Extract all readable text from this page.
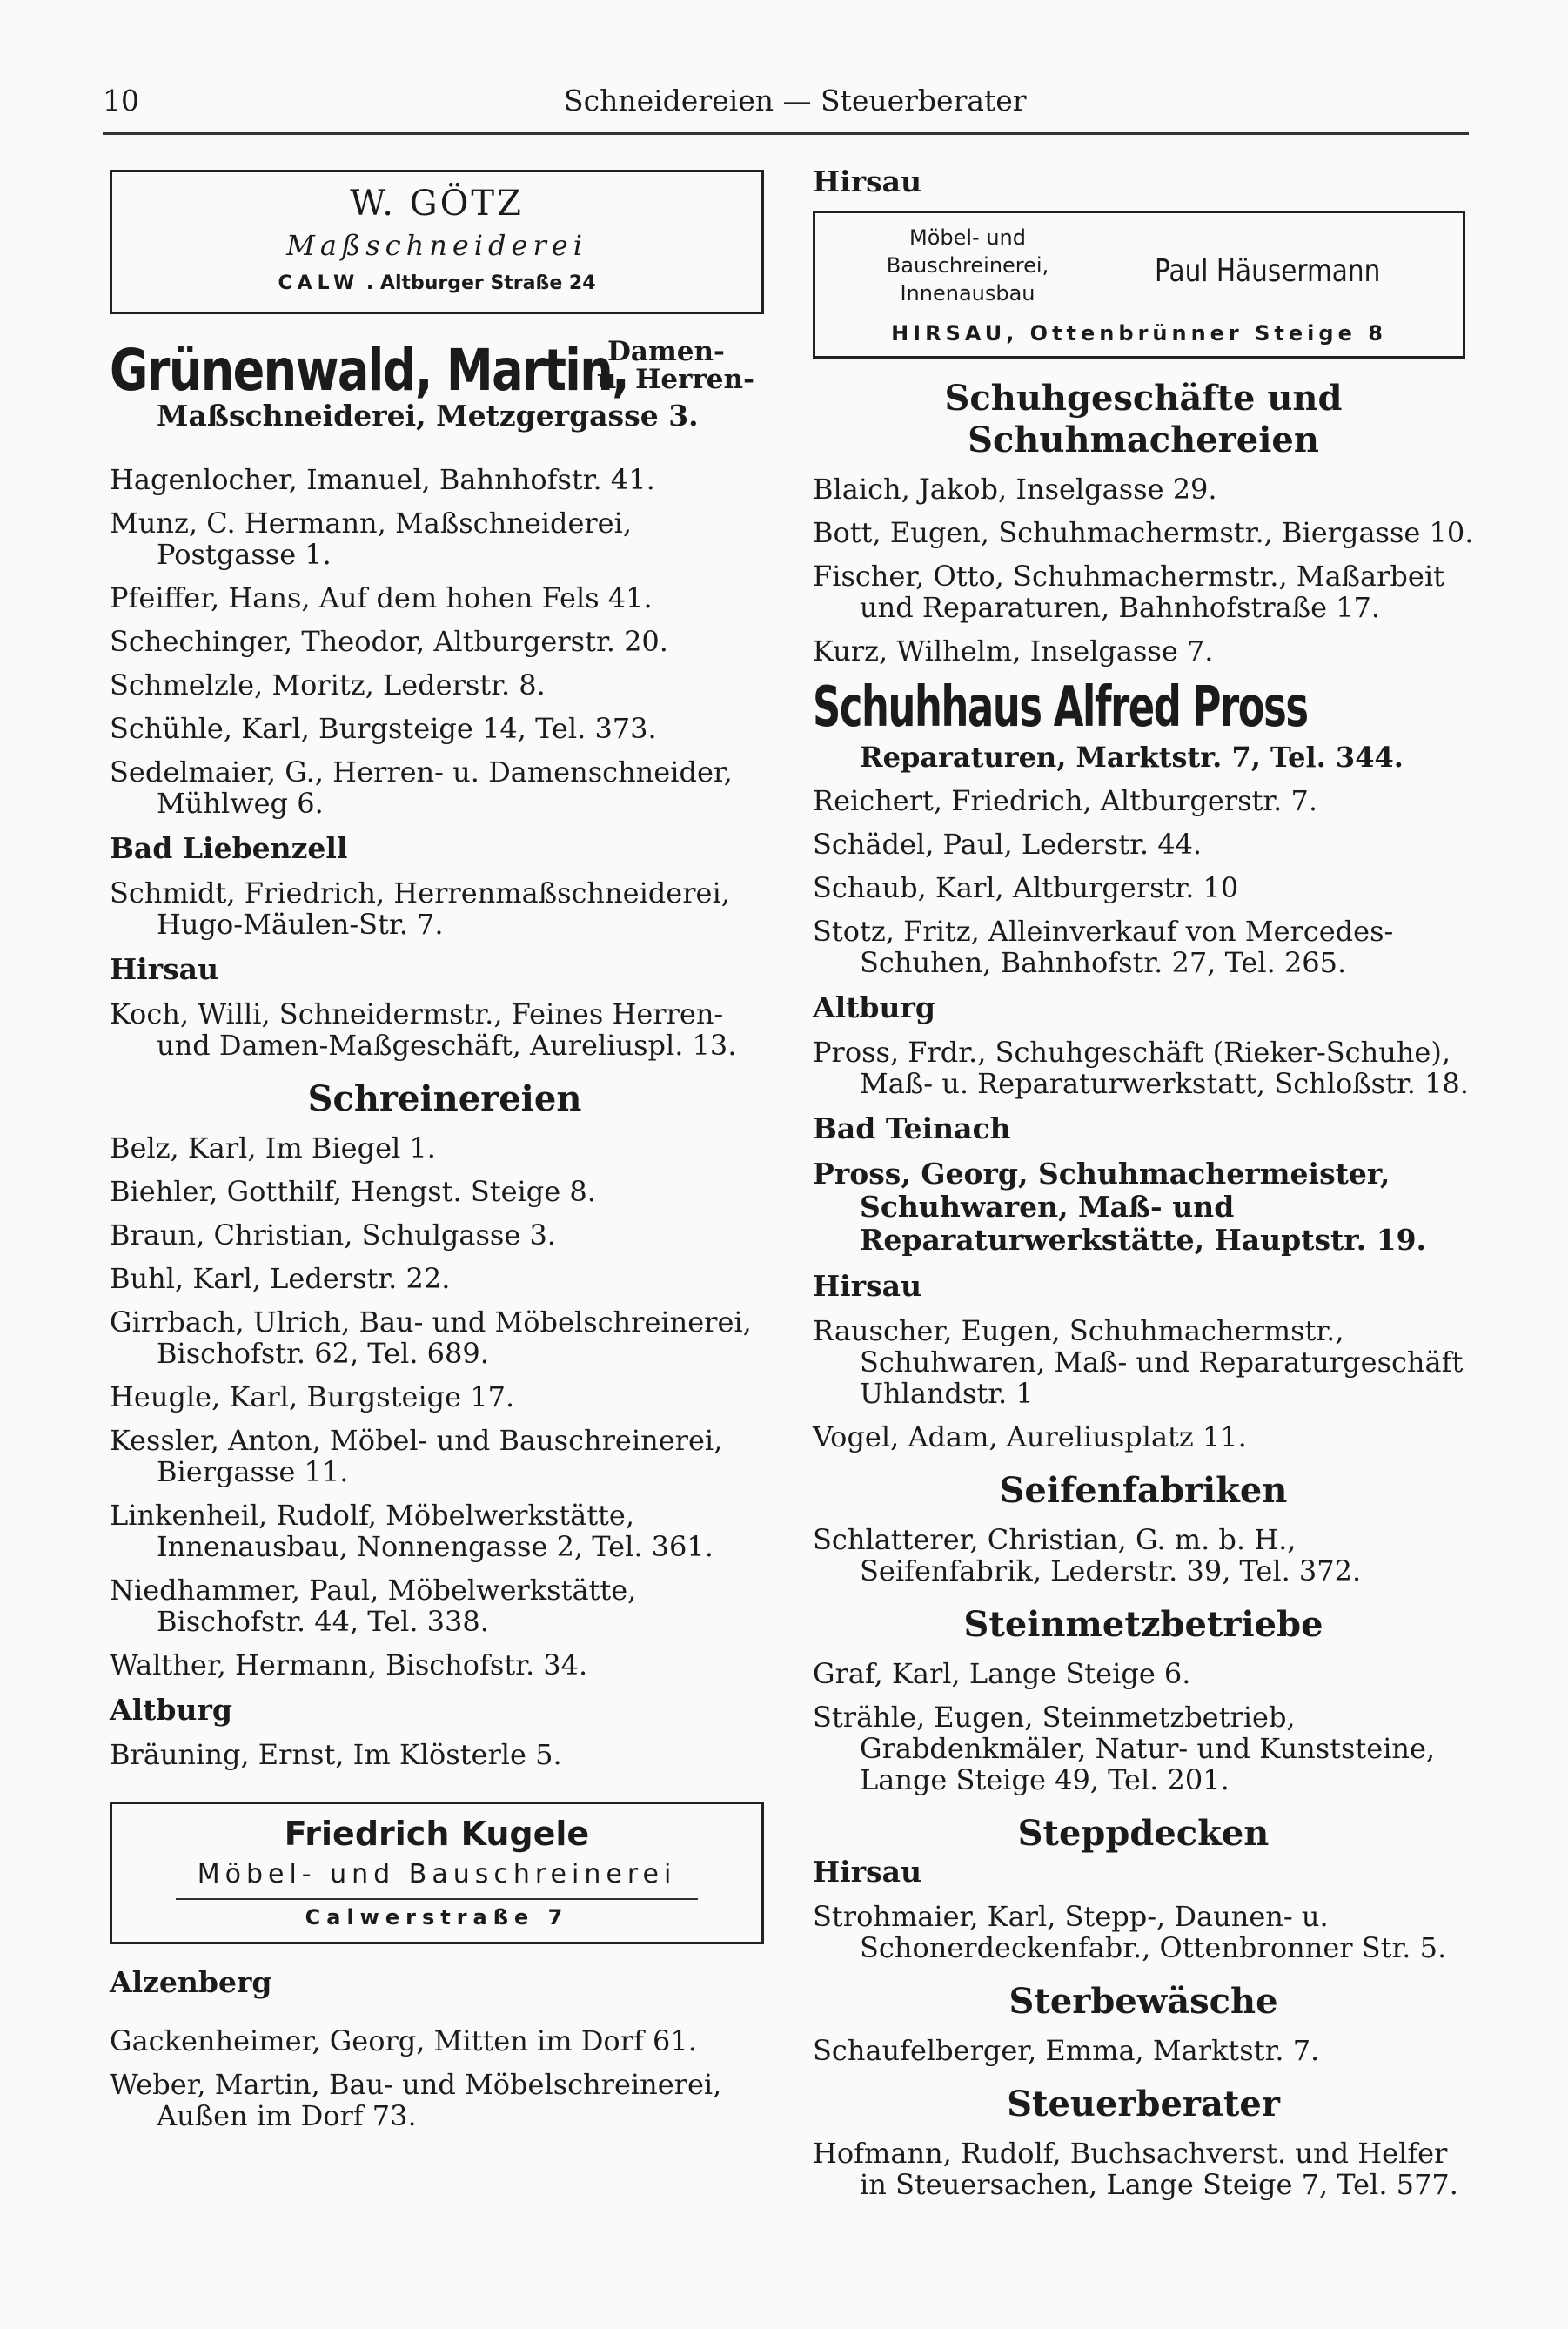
10	Schneidereien — Steuerberater
W. GÖTZ
Maßschneiderei
CALW . Altburger Straße 24
Grünenwald, Martin,
Damen-
u. Herren-
Maßschneiderei, Metzgergasse 3.
Hagenlocher, Imanuel, Bahnhofstr. 41.
Munz, C. Hermann, Maßschneiderei, Postgasse 1.
Pfeiffer, Hans, Auf dem hohen Fels 41.
Schechinger, Theodor, Altburgerstr. 20.
Schmelzle, Moritz, Lederstr. 8.
Schühle, Karl, Burgsteige 14, Tel. 373.
Sedelmaier, G., Herren- u. Damenschneider, Mühlweg 6.
Bad Liebenzell
Schmidt, Friedrich, Herrenmaßschneiderei, Hugo-Mäulen-Str. 7.
Hirsau
Koch, Willi, Schneidermstr., Feines Herren- und Damen-Maßgeschäft, Aureliuspl. 13.
Schreinereien
Belz, Karl, Im Biegel 1.
Biehler, Gotthilf, Hengst. Steige 8.
Braun, Christian, Schulgasse 3.
Buhl, Karl, Lederstr. 22.
Girrbach, Ulrich, Bau- und Möbelschreinerei, Bischofstr. 62, Tel. 689.
Heugle, Karl, Burgsteige 17.
Kessler, Anton, Möbel- und Bauschreinerei, Biergasse 11.
Linkenheil, Rudolf, Möbelwerkstätte, Innenausbau, Nonnengasse 2, Tel. 361.
Niedhammer, Paul, Möbelwerkstätte, Bischofstr. 44, Tel. 338.
Walther, Hermann, Bischofstr. 34.
Altburg
Bräuning, Ernst, Im Klösterle 5.
Friedrich Kugele
Möbel- und Bauschreinerei
Calwerstraße 7
Alzenberg
Gackenheimer, Georg, Mitten im Dorf 61.
Weber, Martin, Bau- und Möbelschreinerei, Außen im Dorf 73.
Hirsau
Möbel- und
Bauschreinerei,
Innenausbau
Paul Häusermann
HIRSAU, Ottenbrünner Steige 8
Schuhgeschäfte und Schuhmachereien
Blaich, Jakob, Inselgasse 29.
Bott, Eugen, Schuhmachermstr., Biergasse 10.
Fischer, Otto, Schuhmachermstr., Maßarbeit und Reparaturen, Bahnhofstraße 17.
Kurz, Wilhelm, Inselgasse 7.
Schuhhaus Alfred Pross
Reparaturen, Marktstr. 7, Tel. 344.
Reichert, Friedrich, Altburgerstr. 7.
Schädel, Paul, Lederstr. 44.
Schaub, Karl, Altburgerstr. 10
Stotz, Fritz, Alleinverkauf von Mercedes-Schuhen, Bahnhofstr. 27, Tel. 265.
Altburg
Pross, Frdr., Schuhgeschäft (Rieker-Schuhe), Maß- u. Reparaturwerkstatt, Schloßstr. 18.
Bad Teinach
Pross, Georg, Schuhmachermeister, Schuhwaren, Maß- und Reparaturwerkstätte, Hauptstr. 19.
Hirsau
Rauscher, Eugen, Schuhmachermstr., Schuhwaren, Maß- und Reparaturgeschäft Uhlandstr. 1
Vogel, Adam, Aureliusplatz 11.
Seifenfabriken
Schlatterer, Christian, G. m. b. H., Seifenfabrik, Lederstr. 39, Tel. 372.
Steinmetzbetriebe
Graf, Karl, Lange Steige 6.
Strähle, Eugen, Steinmetzbetrieb, Grabdenkmäler, Natur- und Kunststeine, Lange Steige 49, Tel. 201.
Steppdecken
Hirsau
Strohmaier, Karl, Stepp-, Daunen- u. Schonerdeckenfabr., Ottenbronner Str. 5.
Sterbewäsche
Schaufelberger, Emma, Marktstr. 7.
Steuerberater
Hofmann, Rudolf, Buchsachverst. und Helfer in Steuersachen, Lange Steige 7, Tel. 577.
